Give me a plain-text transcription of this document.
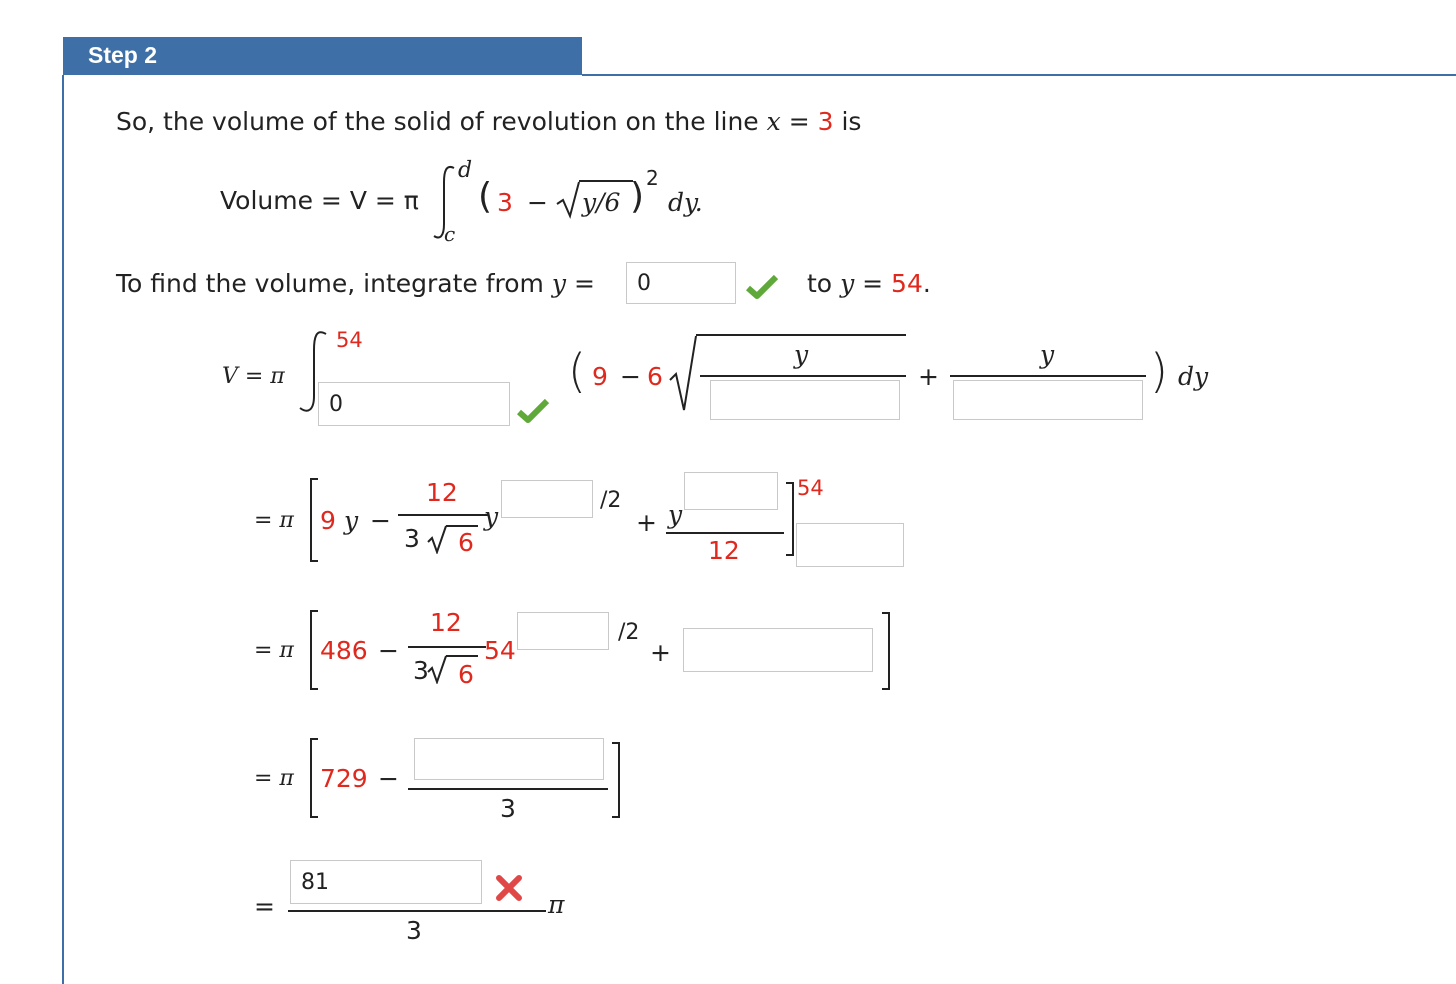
Step 2
So, the volume of the solid of revolution on the line x = 3 is
Volume = V = π
d
c
( 3 − y/6 ) 2
dy.
To find the volume, integrate from y =	0	to y = 54.
V = π
54
0
( 9 − 6
y
+
y ) dy
= π 9 y −
12
3 6
y
/2
+ y
12
54
= π 486 −
12
3 6
54
/2
+
= π 729 −
3
=
81
3
π
